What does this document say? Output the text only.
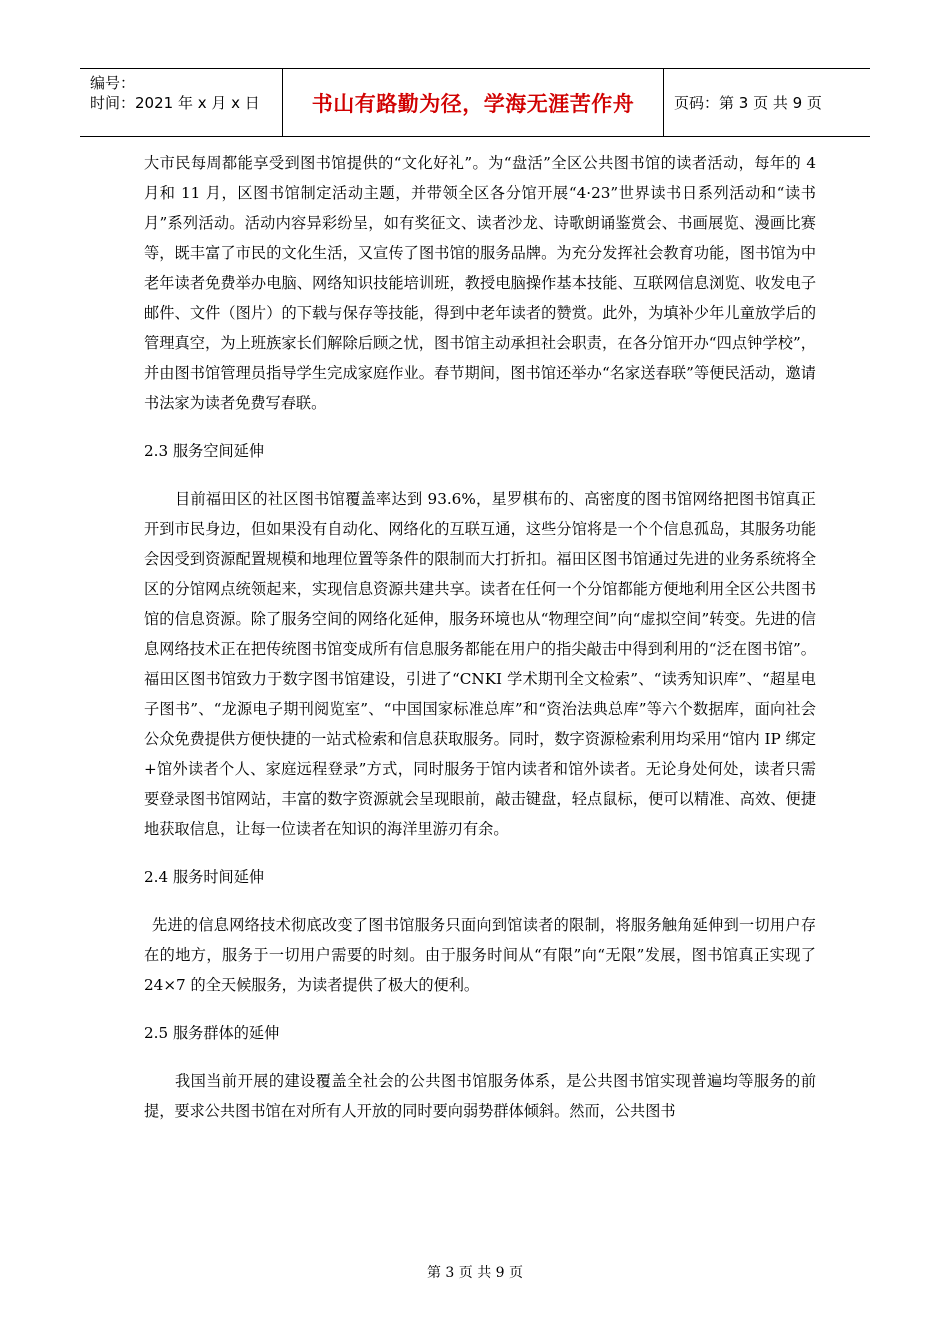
编号：
时间：2021 年 x 月 x 日	书山有路勤为径，学海无涯苦作舟	页码：第 3 页 共 9 页

大市民每周都能享受到图书馆提供的“文化好礼”。为“盘活”全区公共图书馆的读者活动，每年的 4 月和 11 月，区图书馆制定活动主题，并带领全区各分馆开展“4·23”世界读书日系列活动和“读书月”系列活动。活动内容异彩纷呈，如有奖征文、读者沙龙、诗歌朗诵鉴赏会、书画展览、漫画比赛等，既丰富了市民的文化生活，又宣传了图书馆的服务品牌。为充分发挥社会教育功能，图书馆为中老年读者免费举办电脑、网络知识技能培训班，教授电脑操作基本技能、互联网信息浏览、收发电子邮件、文件（图片）的下载与保存等技能，得到中老年读者的赞赏。此外，为填补少年儿童放学后的管理真空，为上班族家长们解除后顾之忧，图书馆主动承担社会职责，在各分馆开办“四点钟学校”，并由图书馆管理员指导学生完成家庭作业。春节期间，图书馆还举办“名家送春联”等便民活动，邀请书法家为读者免费写春联。

2.3 服务空间延伸

目前福田区的社区图书馆覆盖率达到 93.6%，星罗棋布的、高密度的图书馆网络把图书馆真正开到市民身边，但如果没有自动化、网络化的互联互通，这些分馆将是一个个信息孤岛，其服务功能会因受到资源配置规模和地理位置等条件的限制而大打折扣。福田区图书馆通过先进的业务系统将全区的分馆网点统领起来，实现信息资源共建共享。读者在任何一个分馆都能方便地利用全区公共图书馆的信息资源。除了服务空间的网络化延伸，服务环境也从“物理空间”向“虚拟空间”转变。先进的信息网络技术正在把传统图书馆变成所有信息服务都能在用户的指尖敲击中得到利用的“泛在图书馆”。福田区图书馆致力于数字图书馆建设，引进了“CNKI 学术期刊全文检索”、“读秀知识库”、“超星电子图书”、“龙源电子期刊阅览室”、“中国国家标准总库”和“资治法典总库”等六个数据库，面向社会公众免费提供方便快捷的一站式检索和信息获取服务。同时，数字资源检索利用均采用“馆内 IP 绑定+馆外读者个人、家庭远程登录”方式，同时服务于馆内读者和馆外读者。无论身处何处，读者只需要登录图书馆网站，丰富的数字资源就会呈现眼前，敲击键盘，轻点鼠标，便可以精准、高效、便捷地获取信息，让每一位读者在知识的海洋里游刃有余。

2.4 服务时间延伸

先进的信息网络技术彻底改变了图书馆服务只面向到馆读者的限制，将服务触角延伸到一切用户存在的地方，服务于一切用户需要的时刻。由于服务时间从“有限”向“无限”发展，图书馆真正实现了 24×7 的全天候服务，为读者提供了极大的便利。

2.5 服务群体的延伸

我国当前开展的建设覆盖全社会的公共图书馆服务体系，是公共图书馆实现普遍均等服务的前提，要求公共图书馆在对所有人开放的同时要向弱势群体倾斜。然而，公共图书

第 3 页 共 9 页
